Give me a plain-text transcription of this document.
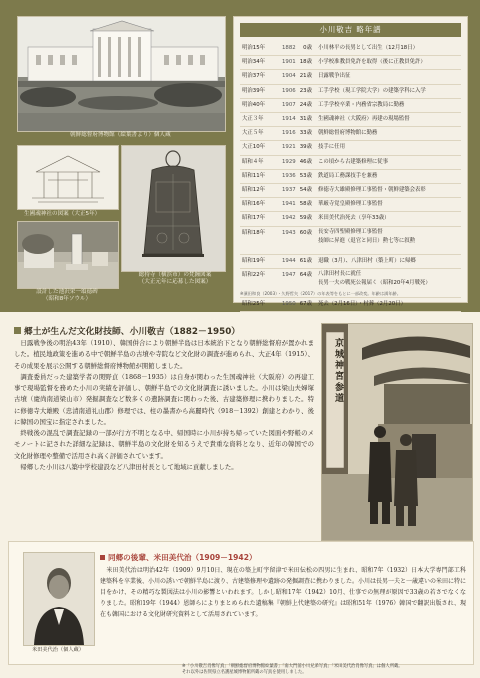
朝鮮総督府博物館（絵葉書より）個人蔵
生國魂神社の図案（大正5年）
総持寺（横浜市）の梵鐘図案
（大正元年に応募した図案）
設計した池沢栄一頌徳碑
（昭和8年ソウル）
小川敬吉 略年譜
明治15年	1882	0歳 小川林平の長男として出生（12月18日）
明治34年	1901 18歳 小学校准教員免許を取得（後に正教員免許）
明治37年	1904 21歳 日露戦争出征
明治39年	1906 23歳 工手学校（現工学院大学）の建築学科に入学
明治40年	1907 24歳 工手学校卒業・内務省宗教局に勤務
大正３年	1914 31歳 生國魂神社（大阪府）再建の現場監督
大正５年	1916 33歳 朝鮮総督府博物館に勤務
大正10年	1921 39歳 技手に任用
昭和４年	1929 46歳 この頃から古建築修理に従事
昭和11年	1936 53歳 鉄道局工務課技手を兼務
昭和12年	1937 54歳 修徳寺大雄殿修理工事監督・朝鮮建築会表彰
昭和16年	1941 58歳 華厳寺覚皇殿修理工事監督
昭和17年	1942 59歳 米田美代治死去（享年33歳）
昭和18年	1943 60歳 長安寺四聖殿修理工事監督
技師に昇進（退官と同日）勲七等に叙勲
昭和19年	1944 61歳 退職（3月）、八津田村（築上町）に帰郷
昭和22年	1947 64歳 八津田村長に就任
長男一夫の戦死公報届く（昭和20年4月戦死）
昭和25年	1950 67歳 死去（2月16日）・村葬（2月20日）
※濱田和良（2003）・久野哲矢（2017）の年表等をもとに一部改変。年齢は満年齢。
郷土が生んだ文化財技師、小川敬吉（1882－1950）

日露戦争後の明治43年（1910）、韓国併合により朝鮮半島は日本統治下となり朝鮮総督府が置かれました。植民地政策を進める中で朝鮮半島の古墳や寺院など文化財の調査が進められ、大正4年（1915）、その成果を展示公開する朝鮮総督府博物館が開館しました。

調査委員だった建築学者の関野貞（1868－1935）は自身が関わった生国魂神社（大阪府）の再建工事で現場監督を務めた小川の実績を評価し、朝鮮半島での文化財調査に誘いました。小川は梁山夫婦塚古墳（慶尚南道梁山市）発掘調査など数多くの遺跡調査に関わった後、古建築修理に携わりました。特に修徳寺大雄殿（忠清南道礼山郡）修理では、柱の墨書から高麗時代（918－1392）創建とわかり、後に韓国の国宝に指定されました。

終戦後の混乱で調査記録の一部が行方不明となる中、帰国時に小川が持ち帰っていた図面や野帳のメモノートに記された詳細な記録は、朝鮮半島の文化財を知るうえで貴重な資料となり、近年の韓国での文化財修理や整備で活用され高く評価されています。

帰郷した小川は八築中学校建設など八津田村長として地域に貢献しました。

京城神宮参道
米田美代治（個人蔵）
同郷の後輩、米田美代治（1909－1942）

米田美代治は明治42年（1909）9月10日、現在の築上町宇留津で米田伝松の四男に生まれ、昭和7年（1932）日本大学専門部工科建築科を卒業後、小川の誘いで朝鮮半島に渡り、古建築修理や遺跡の発掘調査に携わりました。小川は長男一夫と一歳違いの米田に特に目をかけ、その精巧な製図法は小川の影響といわれます。しかし昭和17年（1942）10月、仕事での無理が原因で33歳の若さでなくなりました。昭和19年（1944）恩師らによりまとめられた遺稿集『朝鮮上代建築の研究』は昭和51年（1976）韓国で翻訳出版され、現在も韓国における文化財研究資料として活用されています。

※「小川敬吉肖像写真」「朝鮮総督府博物館絵葉書」「南大門前小川兄弟写真」「米田美代治肖像写真」は個人所蔵。
それ以外は佐賀県立名護屋城博物館所蔵の写真を使用しました。
